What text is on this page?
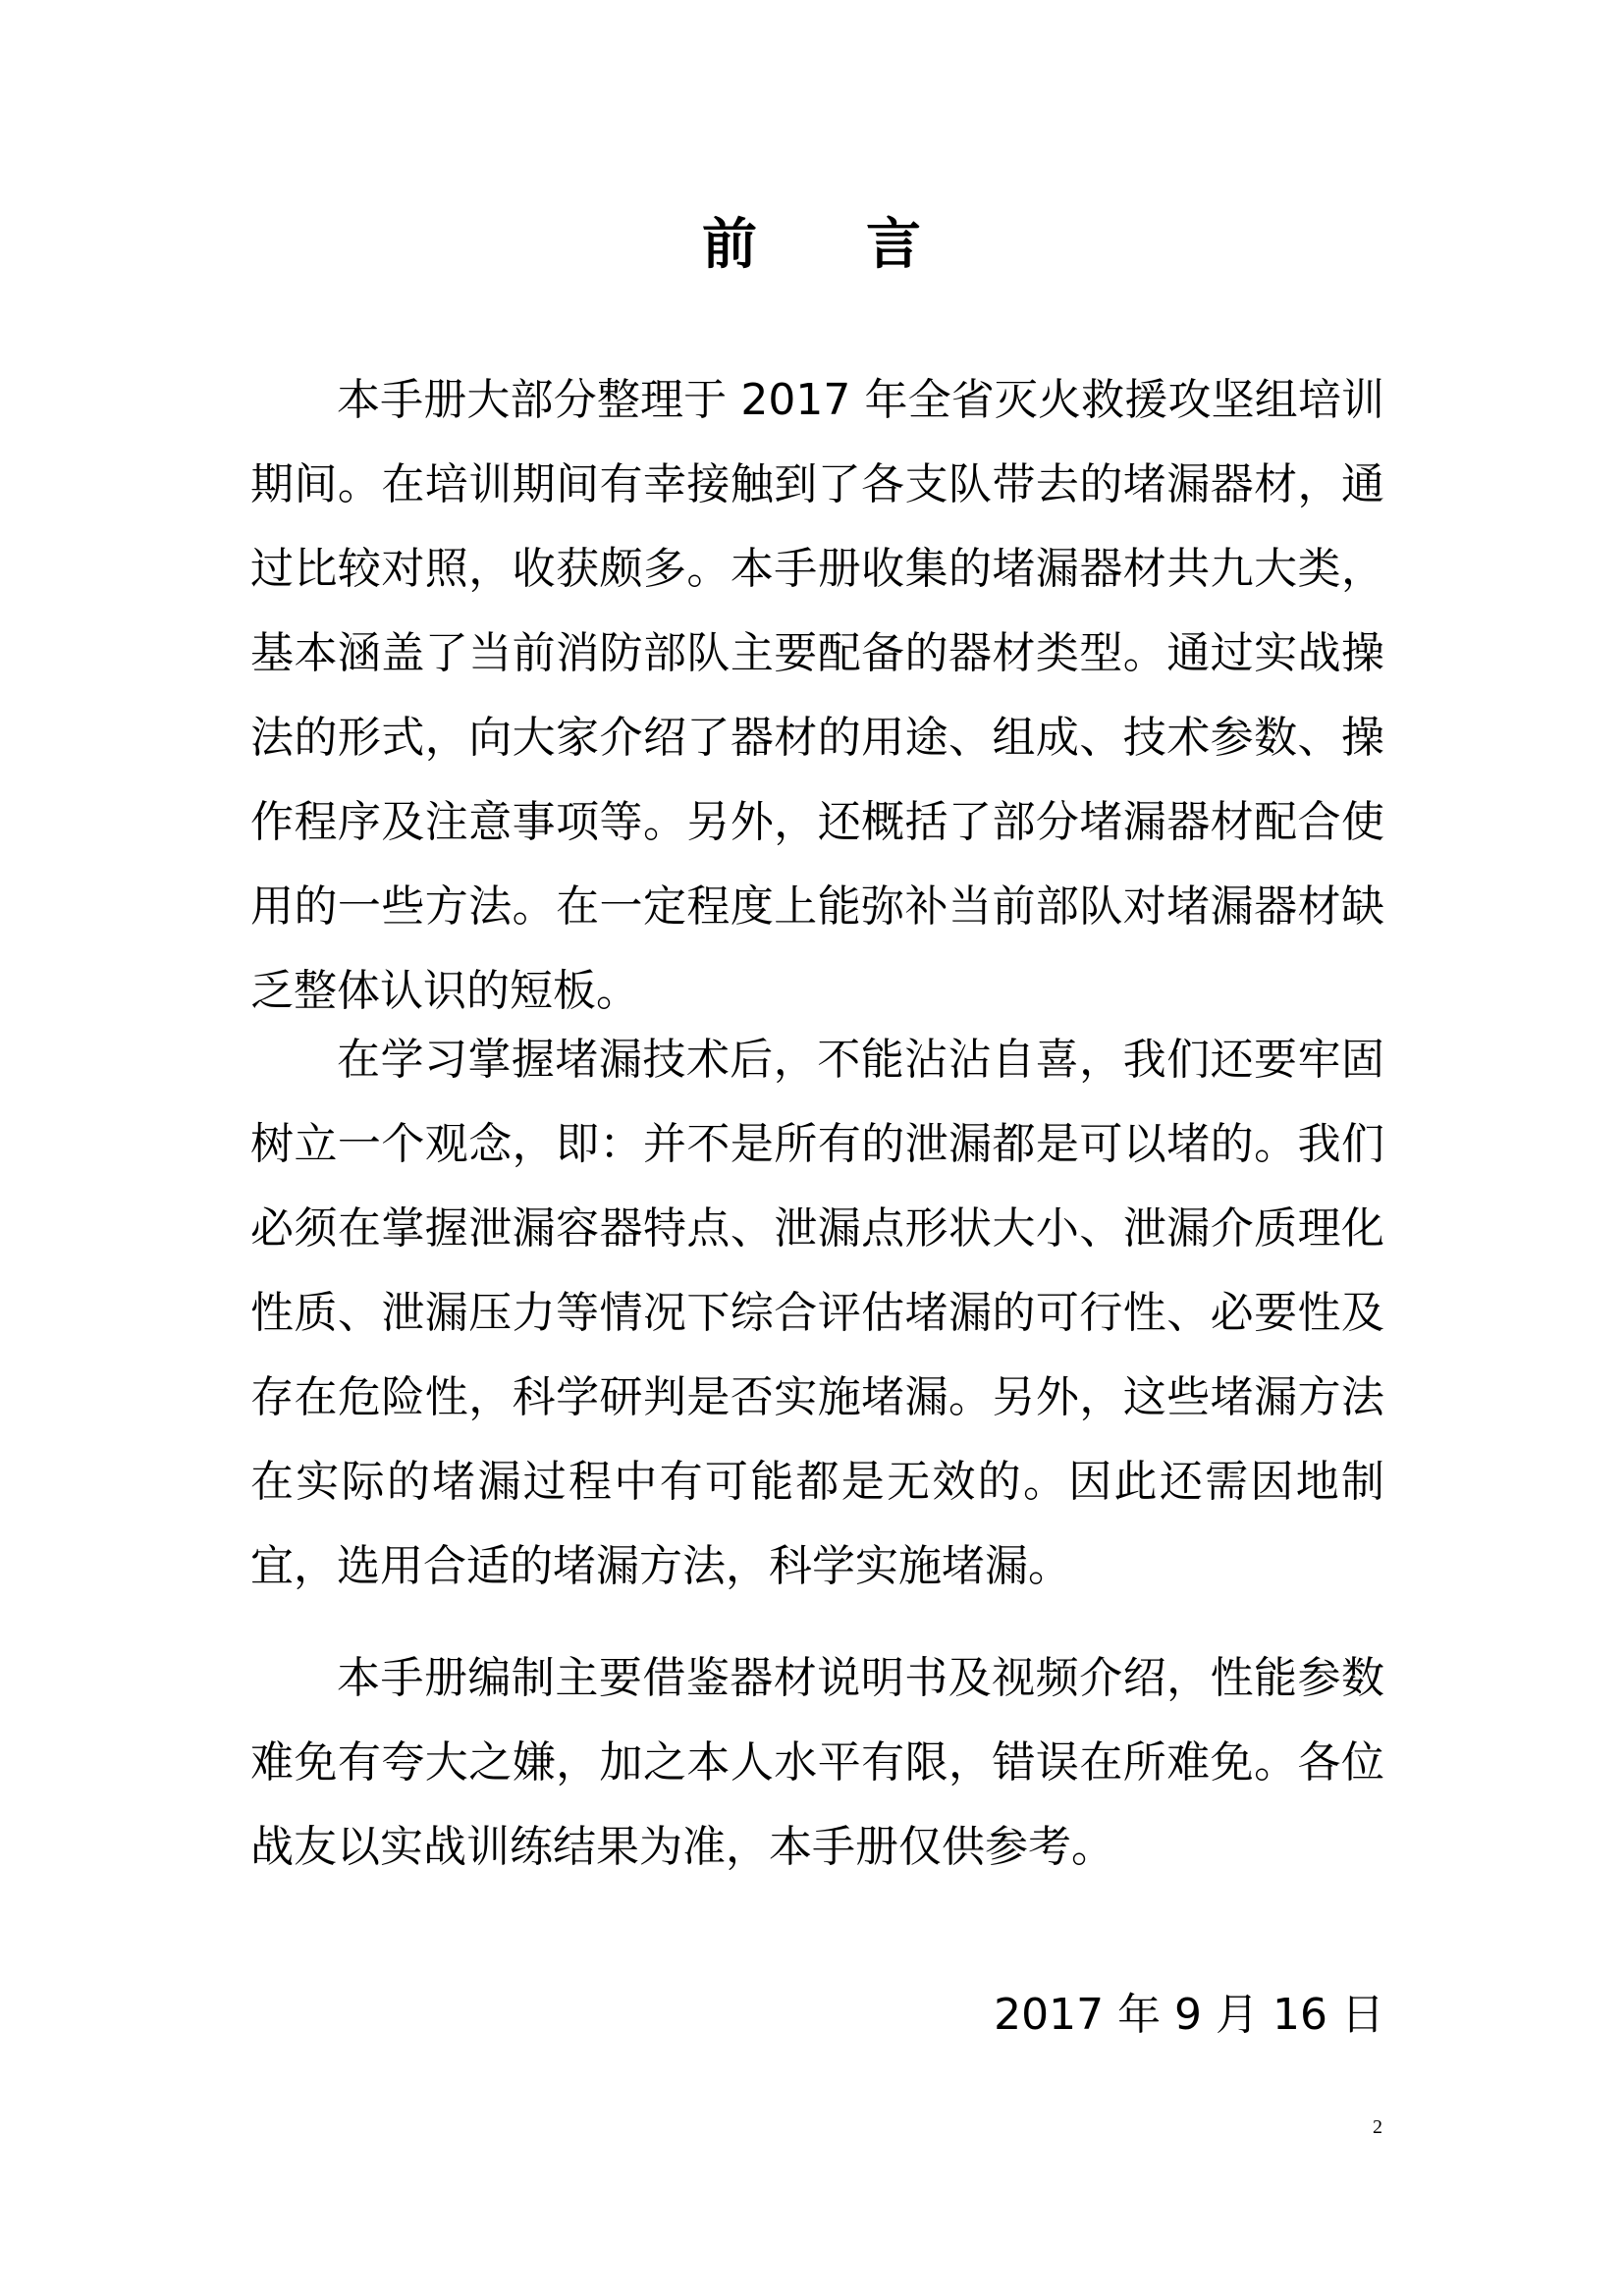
前 言
本手册大部分整理于 2017 年全省灭火救援攻坚组培训
期间。在培训期间有幸接触到了各支队带去的堵漏器材，通
过比较对照，收获颇多。本手册收集的堵漏器材共九大类，
基本涵盖了当前消防部队主要配备的器材类型。通过实战操
法的形式，向大家介绍了器材的用途、组成、技术参数、操
作程序及注意事项等。另外，还概括了部分堵漏器材配合使
用的一些方法。在一定程度上能弥补当前部队对堵漏器材缺
乏整体认识的短板。
在学习掌握堵漏技术后，不能沾沾自喜，我们还要牢固
树立一个观念，即：并不是所有的泄漏都是可以堵的。我们
必须在掌握泄漏容器特点、泄漏点形状大小、泄漏介质理化
性质、泄漏压力等情况下综合评估堵漏的可行性、必要性及
存在危险性，科学研判是否实施堵漏。另外，这些堵漏方法
在实际的堵漏过程中有可能都是无效的。因此还需因地制
宜，选用合适的堵漏方法，科学实施堵漏。
本手册编制主要借鉴器材说明书及视频介绍，性能参数
难免有夸大之嫌，加之本人水平有限，错误在所难免。各位
战友以实战训练结果为准，本手册仅供参考。
2017 年 9 月 16 日
2
